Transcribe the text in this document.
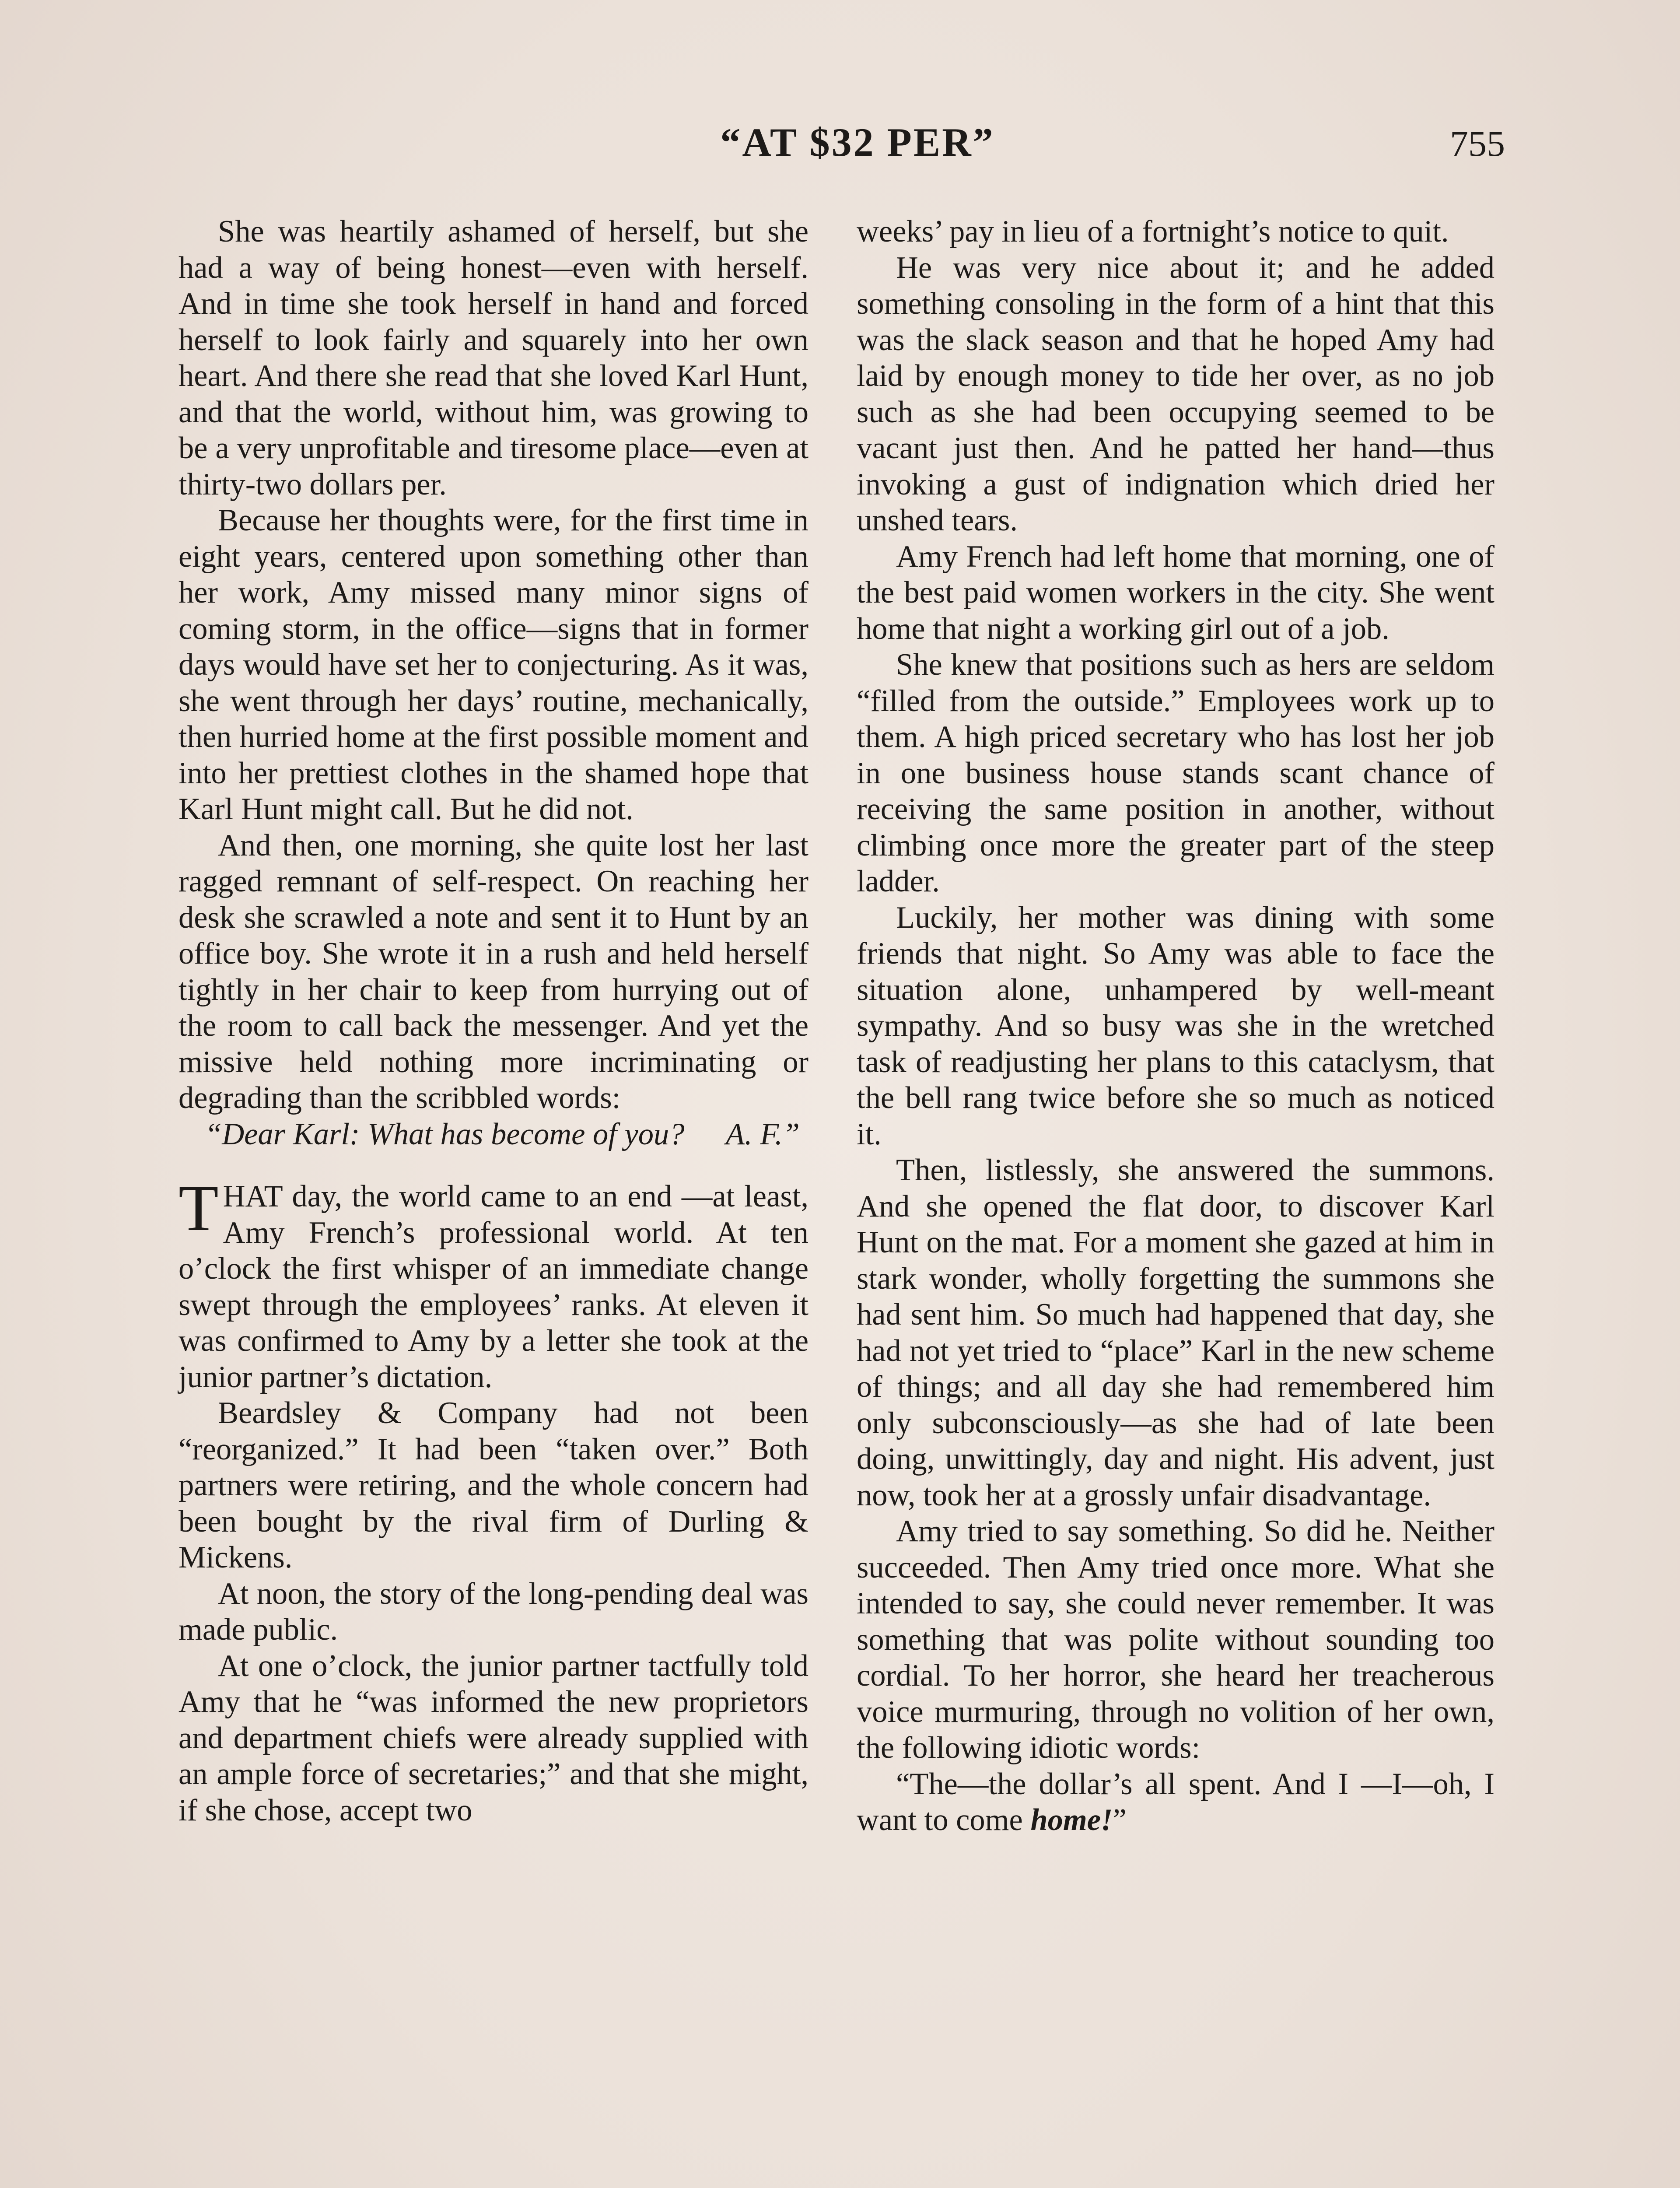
“AT $32 PER”	755

She was heartily ashamed of herself, but she had a way of being honest—even with herself. And in time she took herself in hand and forced herself to look fairly and squarely into her own heart. And there she read that she loved Karl Hunt, and that the world, without him, was growing to be a very unprofitable and tiresome place—even at thirty-two dollars per.

Because her thoughts were, for the first time in eight years, centered upon something other than her work, Amy missed many minor signs of coming storm, in the office—signs that in former days would have set her to conjecturing. As it was, she went through her days’ routine, mechanically, then hurried home at the first possible moment and into her prettiest clothes in the shamed hope that Karl Hunt might call. But he did not.

And then, one morning, she quite lost her last ragged remnant of self-respect. On reaching her desk she scrawled a note and sent it to Hunt by an office boy. She wrote it in a rush and held herself tightly in her chair to keep from hurrying out of the room to call back the messenger. And yet the missive held nothing more incriminating or degrading than the scribbled words:

“Dear Karl: What has become of you?	A. F.”

THAT day, the world came to an end —at least, Amy French’s professional world. At ten o’clock the first whisper of an immediate change swept through the employees’ ranks. At eleven it was confirmed to Amy by a letter she took at the junior partner’s dictation.

Beardsley & Company had not been “reorganized.” It had been “taken over.” Both partners were retiring, and the whole concern had been bought by the rival firm of Durling & Mickens.

At noon, the story of the long-pending deal was made public.

At one o’clock, the junior partner tactfully told Amy that he “was informed the new proprietors and department chiefs were already supplied with an ample force of secretaries;” and that she might, if she chose, accept two

weeks’ pay in lieu of a fortnight’s notice to quit.

He was very nice about it; and he added something consoling in the form of a hint that this was the slack season and that he hoped Amy had laid by enough money to tide her over, as no job such as she had been occupying seemed to be vacant just then. And he patted her hand—thus invoking a gust of indignation which dried her unshed tears.

Amy French had left home that morning, one of the best paid women workers in the city. She went home that night a working girl out of a job.

She knew that positions such as hers are seldom “filled from the outside.” Employees work up to them. A high priced secretary who has lost her job in one business house stands scant chance of receiving the same position in another, without climbing once more the greater part of the steep ladder.

Luckily, her mother was dining with some friends that night. So Amy was able to face the situation alone, unhampered by well-meant sympathy. And so busy was she in the wretched task of readjusting her plans to this cataclysm, that the bell rang twice before she so much as noticed it.

Then, listlessly, she answered the summons. And she opened the flat door, to discover Karl Hunt on the mat. For a moment she gazed at him in stark wonder, wholly forgetting the summons she had sent him. So much had happened that day, she had not yet tried to “place” Karl in the new scheme of things; and all day she had remembered him only subconsciously—as she had of late been doing, unwittingly, day and night. His advent, just now, took her at a grossly unfair disadvantage.

Amy tried to say something. So did he. Neither succeeded. Then Amy tried once more. What she intended to say, she could never remember. It was something that was polite without sounding too cordial. To her horror, she heard her treacherous voice murmuring, through no volition of her own, the following idiotic words:

“The—the dollar’s all spent. And I —I—oh, I want to come home!”
